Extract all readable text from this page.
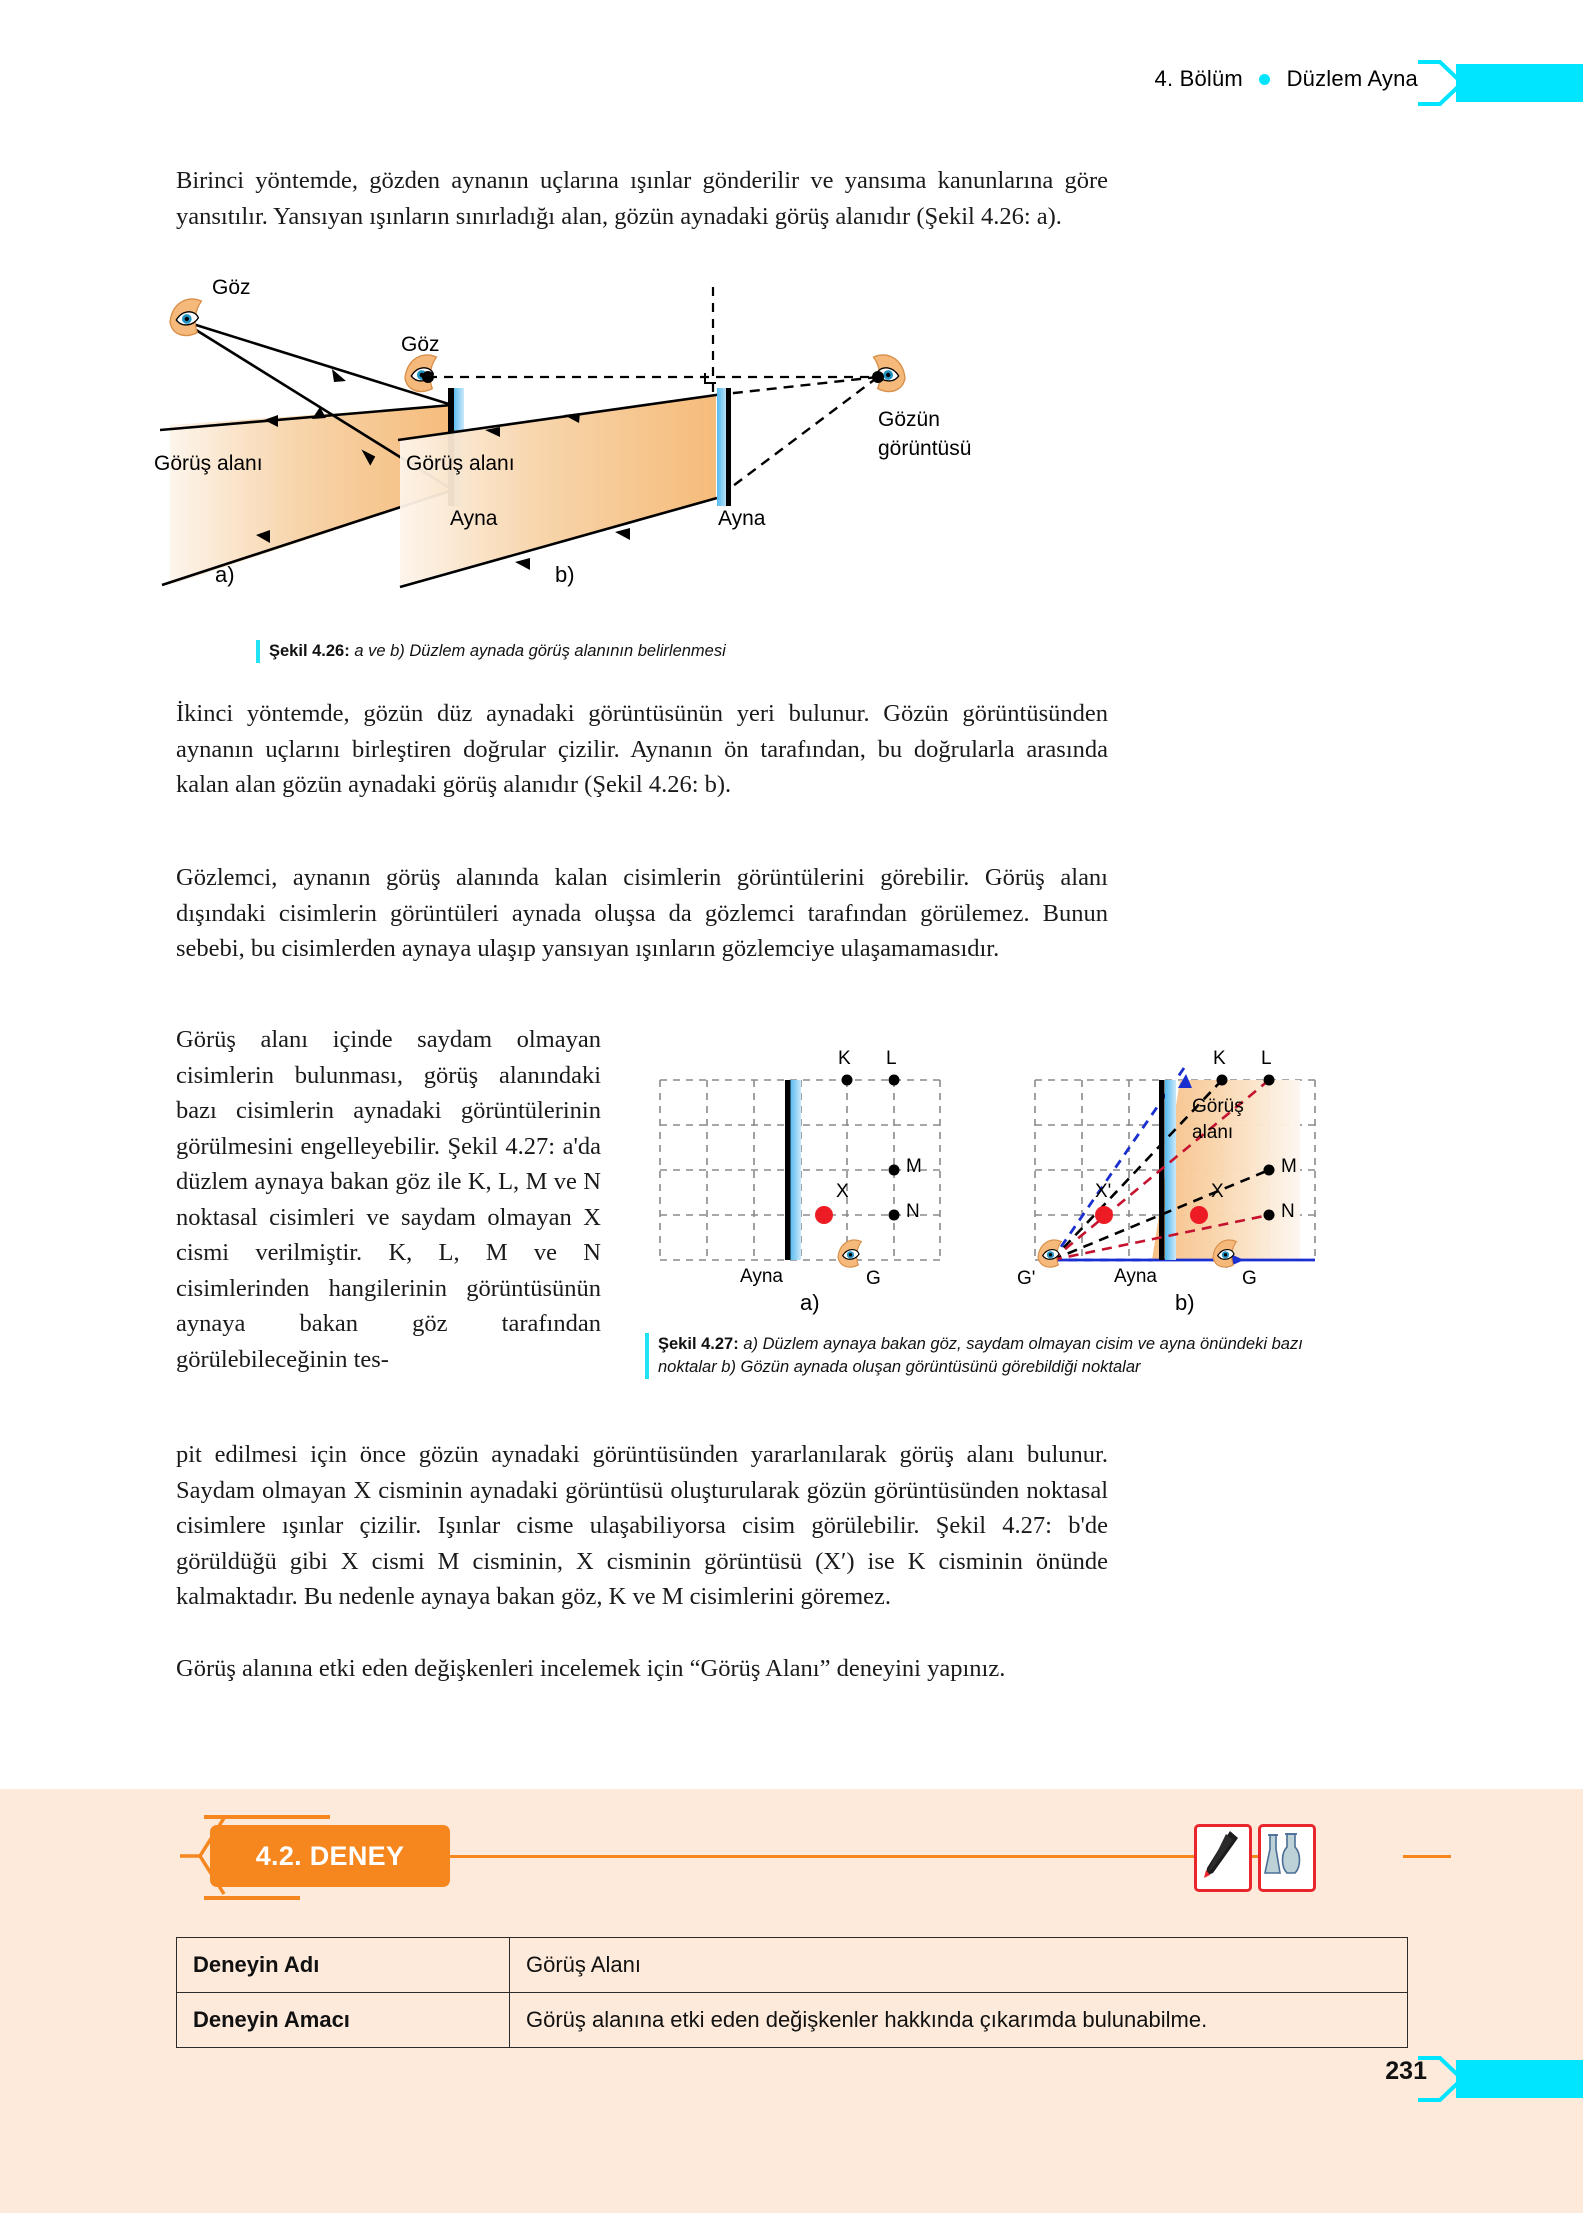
4. Bölüm Düzlem Ayna

Birinci yöntemde, gözden aynanın uçlarına ışınlar gönderilir ve yansıma kanunlarına göre yansıtılır. Yansıyan ışınların sınırladığı alan, gözün aynadaki görüş alanıdır (Şekil 4.26: a).

Göz
Görüş alanı
Ayna
a)
Göz
Görüş alanı
Ayna
Gözün
görüntüsü
b)
Şekil 4.26: a ve b) Düzlem aynada görüş alanının belirlenmesi

İkinci yöntemde, gözün düz aynadaki görüntüsünün yeri bulunur. Gözün görüntüsünden aynanın uçlarını birleştiren doğrular çizilir. Aynanın ön tarafından, bu doğrularla arasında kalan alan gözün aynadaki görüş alanıdır (Şekil 4.26: b).

Gözlemci, aynanın görüş alanında kalan cisimlerin görüntülerini görebilir. Görüş alanı dışındaki cisimlerin görüntüleri aynada oluşsa da gözlemci tarafından görülemez. Bunun sebebi, bu cisimlerden aynaya ulaşıp yansıyan ışınların gözlemciye ulaşamamasıdır.

Görüş alanı içinde saydam olmayan cisimlerin bulunması, görüş alanındaki bazı cisimlerin aynadaki görüntülerinin görülmesini engelleyebilir. Şekil 4.27: a'da düzlem aynaya bakan göz ile K, L, M ve N noktasal cisimleri ve saydam olmayan X cismi verilmiştir. K, L, M ve N cisimlerinden hangilerinin görüntüsünün aynaya bakan göz tarafından görülebileceğinin tes-

K L
M
N
X
Ayna	G
a)
K L
M
N
X
X'
Görüş
alanı
Ayna	G
G'
b)
Şekil 4.27: a) Düzlem aynaya bakan göz, saydam olmayan cisim ve ayna önündeki bazı noktalar b) Gözün aynada oluşan görüntüsünü görebildiği noktalar

pit edilmesi için önce gözün aynadaki görüntüsünden yararlanılarak görüş alanı bulunur. Saydam olmayan X cisminin aynadaki görüntüsü oluşturularak gözün görüntüsünden noktasal cisimlere ışınlar çizilir. Işınlar cisme ulaşabiliyorsa cisim görülebilir. Şekil 4.27: b'de görüldüğü gibi X cismi M cisminin, X cisminin görüntüsü (X′) ise K cisminin önünde kalmaktadır. Bu nedenle aynaya bakan göz, K ve M cisimlerini göremez.

Görüş alanına etki eden değişkenleri incelemek için “Görüş Alanı” deneyini yapınız.

4.2. DENEY
Deneyin Adı	Görüş Alanı
Deneyin Amacı	Görüş alanına etki eden değişkenler hakkında çıkarımda bulunabilme.
231
